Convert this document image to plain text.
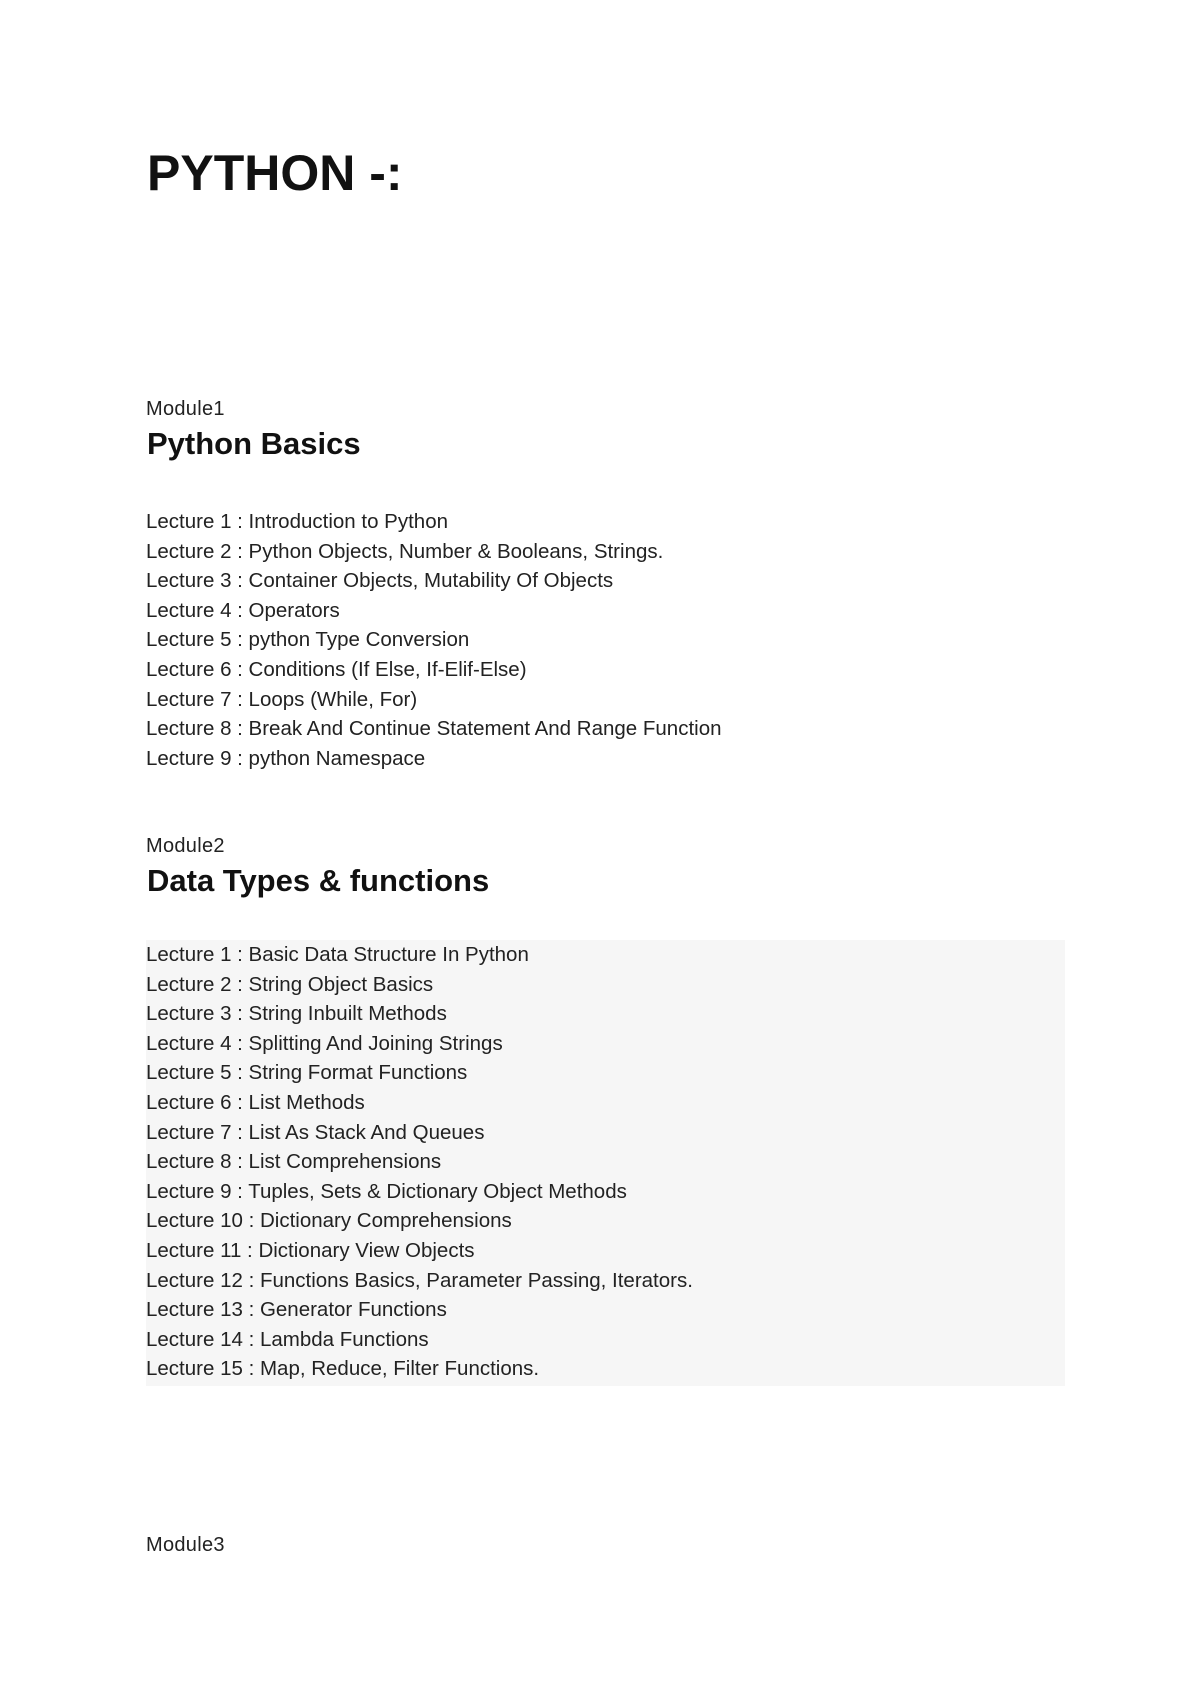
PYTHON -:
Module1
Python Basics
Lecture 1 : Introduction to Python
Lecture 2 : Python Objects, Number & Booleans, Strings.
Lecture 3 : Container Objects, Mutability Of Objects
Lecture 4 : Operators
Lecture 5 : python Type Conversion
Lecture 6 : Conditions (If Else, If-Elif-Else)
Lecture 7 : Loops (While, For)
Lecture 8 : Break And Continue Statement And Range Function
Lecture 9 : python Namespace
Module2
Data Types & functions
Lecture 1 : Basic Data Structure In Python
Lecture 2 : String Object Basics
Lecture 3 : String Inbuilt Methods
Lecture 4 : Splitting And Joining Strings
Lecture 5 : String Format Functions
Lecture 6 : List Methods
Lecture 7 : List As Stack And Queues
Lecture 8 : List Comprehensions
Lecture 9 : Tuples, Sets & Dictionary Object Methods
Lecture 10 : Dictionary Comprehensions
Lecture 11 : Dictionary View Objects
Lecture 12 : Functions Basics, Parameter Passing, Iterators.
Lecture 13 : Generator Functions
Lecture 14 : Lambda Functions
Lecture 15 : Map, Reduce, Filter Functions.
Module3
